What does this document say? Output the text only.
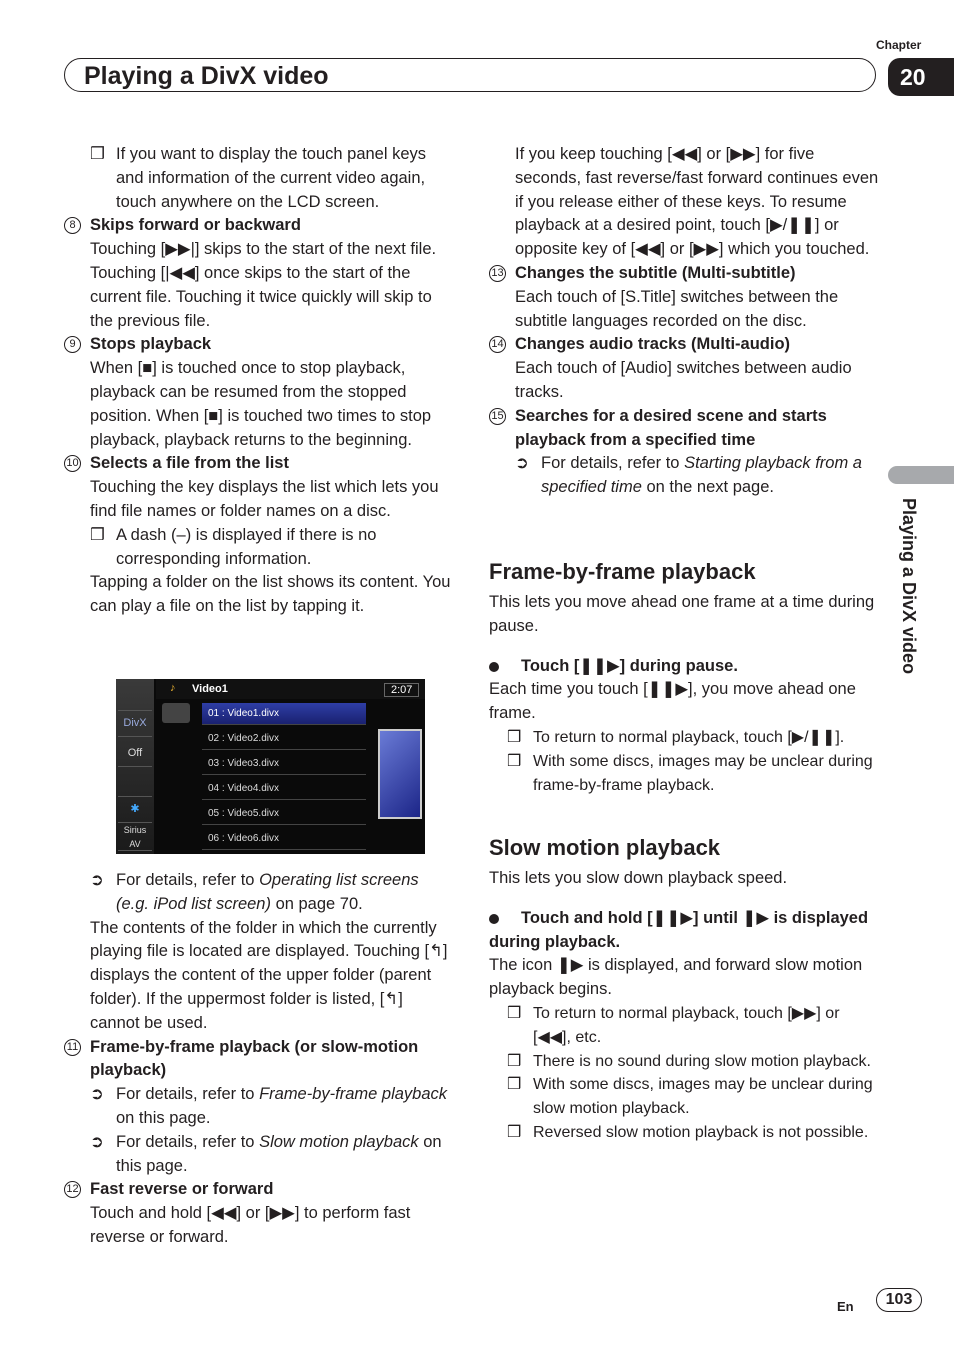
Chapter
Playing a DivX video	20
Playing a DivX video

❒ If you want to display the touch panel keys and information of the current video again, touch anywhere on the LCD screen.

8 Skips forward or backward

Touching [▶▶|] skips to the start of the next file. Touching [|◀◀] once skips to the start of the current file. Touching it twice quickly will skip to the previous file.

9 Stops playback

When [■] is touched once to stop playback, playback can be resumed from the stopped position. When [■] is touched two times to stop playback, playback returns to the beginning.

10 Selects a file from the list

Touching the key displays the list which lets you find file names or folder names on a disc.

❒ A dash (–) is displayed if there is no corresponding information.

Tapping a folder on the list shows its content. You can play a file on the list by tapping it.

DivX
Off
✱
Sirius AV
♪ Video1	2:07
01 : Video1.divx
02 : Video2.divx
03 : Video3.divx
04 : Video4.divx
05 : Video5.divx
06 : Video6.divx

➲ For details, refer to Operating list screens (e.g. iPod list screen) on page 70.

The contents of the folder in which the currently playing file is located are displayed. Touching [↰] displays the content of the upper folder (parent folder). If the uppermost folder is listed, [↰] cannot be used.

11 Frame-by-frame playback (or slow-motion playback)

➲ For details, refer to Frame-by-frame playback on this page.

➲ For details, refer to Slow motion playback on this page.

12 Fast reverse or forward

Touch and hold [◀◀] or [▶▶] to perform fast reverse or forward.

If you keep touching [◀◀] or [▶▶] for five seconds, fast reverse/fast forward continues even if you release either of these keys. To resume playback at a desired point, touch [▶/❚❚] or opposite key of [◀◀] or [▶▶] which you touched.

13 Changes the subtitle (Multi-subtitle)

Each touch of [S.Title] switches between the subtitle languages recorded on the disc.

14 Changes audio tracks (Multi-audio)

Each touch of [Audio] switches between audio tracks.

15 Searches for a desired scene and starts playback from a specified time

➲ For details, refer to Starting playback from a specified time on the next page.

Frame-by-frame playback

This lets you move ahead one frame at a time during pause.

Touch [❚❚▶] during pause.

Each time you touch [❚❚▶], you move ahead one frame.

❒ To return to normal playback, touch [▶/❚❚].

❒ With some discs, images may be unclear during frame-by-frame playback.

Slow motion playback

This lets you slow down playback speed.

Touch and hold [❚❚▶] until ❚▶ is displayed during playback.

The icon ❚▶ is displayed, and forward slow motion playback begins.

❒ To return to normal playback, touch [▶▶] or [◀◀], etc.

❒ There is no sound during slow motion playback.

❒ With some discs, images may be unclear during slow motion playback.

❒ Reversed slow motion playback is not possible.

En	103
